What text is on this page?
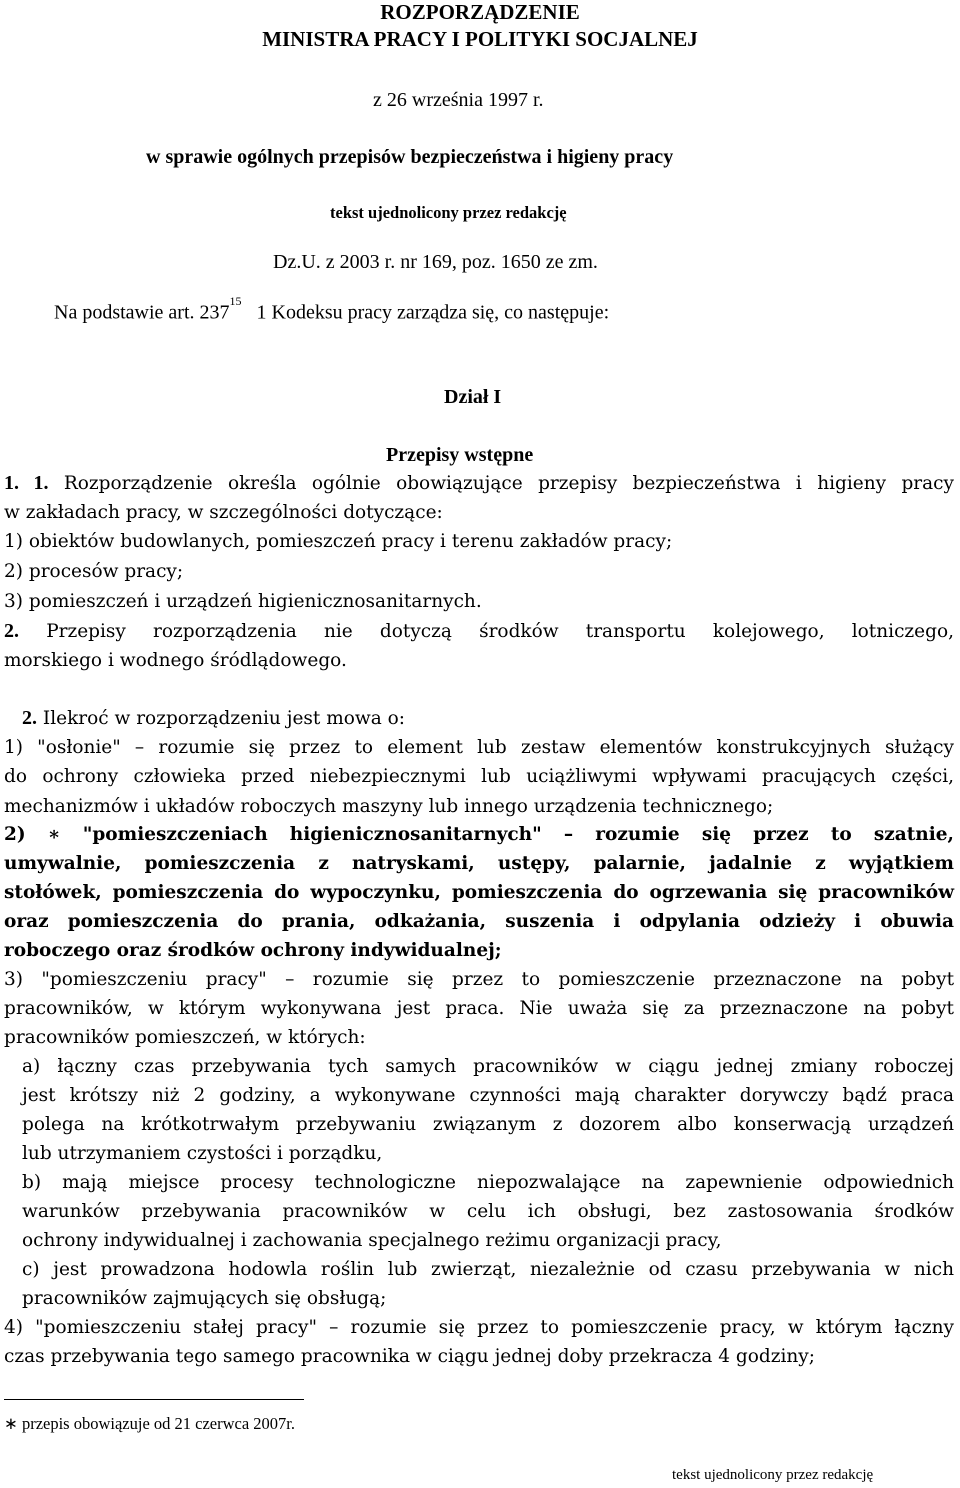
ROZPORZĄDZENIE
MINISTRA PRACY I POLITYKI SOCJALNEJ
z 26 września 1997 r.
w sprawie ogólnych przepisów bezpieczeństwa i higieny pracy
tekst ujednolicony przez redakcję
Dz.U. z 2003 r. nr 169, poz. 1650 ze zm.
Na podstawie art. $237^{15}$   1 Kodeksu pracy zarządza się, co następuje:
Dział I
Przepisy wstępne
1. 1. Rozporządzenie określa ogólnie obowiązujące przepisy bezpieczeństwa i higieny pracy
w zakładach pracy, w szczególności dotyczące:
1) obiektów budowlanych, pomieszczeń pracy i terenu zakładów pracy;
2) procesów pracy;
3) pomieszczeń i urządzeń higienicznosanitarnych.
2. Przepisy rozporządzenia nie dotyczą środków transportu kolejowego, lotniczego,
morskiego i wodnego śródlądowego.
2. Ilekroć w rozporządzeniu jest mowa o:
1) "osłonie" – rozumie się przez to element lub zestaw elementów konstrukcyjnych służący
do ochrony człowieka przed niebezpiecznymi lub uciążliwymi wpływami pracujących części,
mechanizmów i układów roboczych maszyny lub innego urządzenia technicznego;
2) ∗ "pomieszczeniach higienicznosanitarnych" – rozumie się przez to szatnie,
umywalnie, pomieszczenia z natryskami, ustępy, palarnie, jadalnie z wyjątkiem
stołówek, pomieszczenia do wypoczynku, pomieszczenia do ogrzewania się pracowników
oraz pomieszczenia do prania, odkażania, suszenia i odpylania odzieży i obuwia
roboczego oraz środków ochrony indywidualnej;
3) "pomieszczeniu pracy" – rozumie się przez to pomieszczenie przeznaczone na pobyt
pracowników, w którym wykonywana jest praca. Nie uważa się za przeznaczone na pobyt
pracowników pomieszczeń, w których:
a) łączny czas przebywania tych samych pracowników w ciągu jednej zmiany roboczej
jest krótszy niż 2 godziny, a wykonywane czynności mają charakter dorywczy bądź praca
polega na krótkotrwałym przebywaniu związanym z dozorem albo konserwacją urządzeń
lub utrzymaniem czystości i porządku,
b) mają miejsce procesy technologiczne niepozwalające na zapewnienie odpowiednich
warunków przebywania pracowników w celu ich obsługi, bez zastosowania środków
ochrony indywidualnej i zachowania specjalnego reżimu organizacji pracy,
c) jest prowadzona hodowla roślin lub zwierząt, niezależnie od czasu przebywania w nich
pracowników zajmujących się obsługą;
4) "pomieszczeniu stałej pracy" – rozumie się przez to pomieszczenie pracy, w którym łączny
czas przebywania tego samego pracownika w ciągu jednej doby przekracza 4 godziny;
∗ przepis obowiązuje od 21 czerwca 2007r.
tekst ujednolicony przez redakcję
